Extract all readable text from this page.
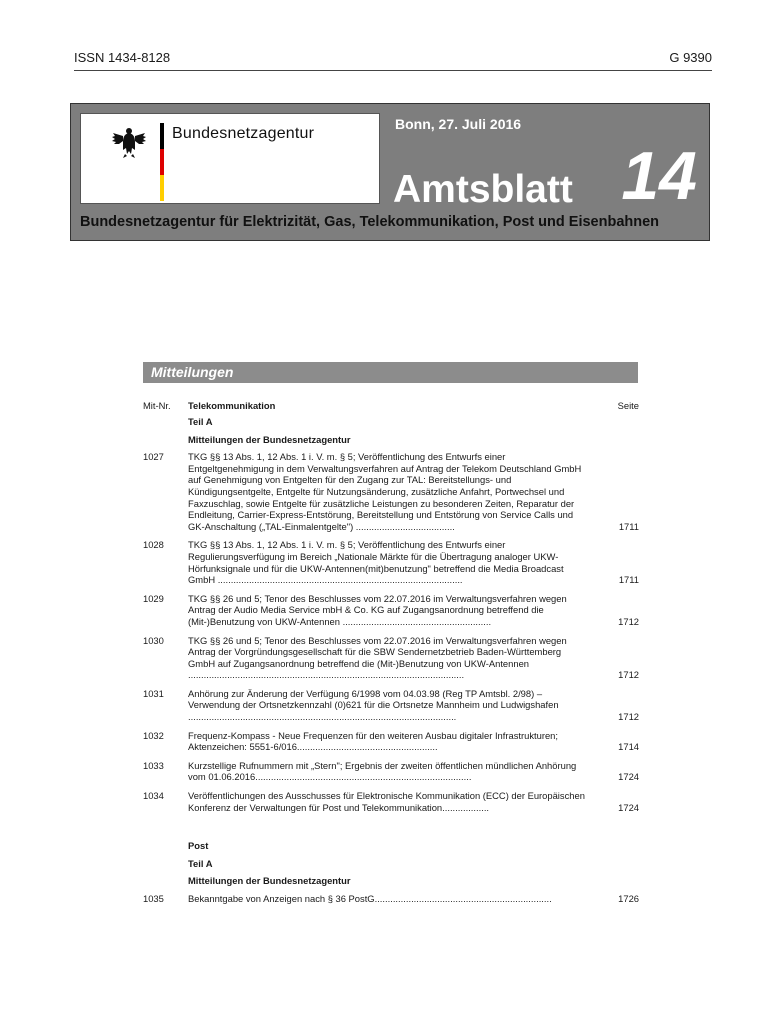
ISSN 1434-8128	G 9390
Bundesnetzagentur
Bonn, 27. Juli 2016
Amtsblatt 14
Bundesnetzagentur für Elektrizität, Gas, Telekommunikation, Post und Eisenbahnen
Mitteilungen
Mit-Nr. Telekommunikation	Seite
Teil A
Mitteilungen der Bundesnetzagentur
1027	TKG §§ 13 Abs. 1, 12 Abs. 1 i. V. m. § 5; Veröffentlichung des Entwurfs einer Entgeltgenehmigung in dem Verwaltungsverfahren auf Antrag der Telekom Deutschland GmbH auf Genehmigung von Entgelten für den Zugang zur TAL: Bereitstellungs- und Kündigungsentgelte, Entgelte für Nutzungsänderung, zusätzliche Anfahrt, Portwechsel und Faxzuschlag, sowie Entgelte für zusätzliche Leistungen zu besonderen Zeiten, Reparatur der Endleitung, Carrier-Express-Entstörung, Bereitstellung und Entstörung von Service Calls und GK-Anschaltung („TAL-Einmalentgelte") ......................................	1711
1028	TKG §§ 13 Abs. 1, 12 Abs. 1 i. V. m. § 5; Veröffentlichung des Entwurfs einer Regulierungsverfügung im Bereich „Nationale Märkte für die Übertragung analoger UKW-Hörfunksignale und für die UKW-Antennen(mit)benutzung" betreffend die Media Broadcast GmbH ..............................................................................................	1711
1029	TKG §§ 26 und 5; Tenor des Beschlusses vom 22.07.2016 im Verwaltungsverfahren wegen Antrag der Audio Media Service mbH & Co. KG auf Zugangsanordnung betreffend die (Mit-)Benutzung von UKW-Antennen .........................................................	1712
1030	TKG §§ 26 und 5; Tenor des Beschlusses vom 22.07.2016 im Verwaltungsverfahren wegen Antrag der Vorgründungsgesellschaft für die SBW Sendernetzbetrieb Baden-Württemberg GmbH auf Zugangsanordnung betreffend die (Mit-)Benutzung von UKW-Antennen ..........................................................................................................	1712
1031	Anhörung zur Änderung der Verfügung 6/1998 vom 04.03.98 (Reg TP Amtsbl. 2/98) – Verwendung der Ortsnetzkennzahl (0)621 für die Ortsnetze Mannheim und Ludwigshafen .......................................................................................................	1712
1032	Frequenz-Kompass - Neue Frequenzen für den weiteren Ausbau digitaler Infrastrukturen; Aktenzeichen: 5551-6/016......................................................	1714
1033	Kurzstellige Rufnummern mit „Stern"; Ergebnis der zweiten öffentlichen mündlichen Anhörung vom 01.06.2016...................................................................................	1724
1034	Veröffentlichungen des Ausschusses für Elektronische Kommunikation (ECC) der Europäischen Konferenz der Verwaltungen für Post und Telekommunikation..................	1724
Post
Teil A
Mitteilungen der Bundesnetzagentur
1035	Bekanntgabe von Anzeigen nach § 36 PostG....................................................................	1726
